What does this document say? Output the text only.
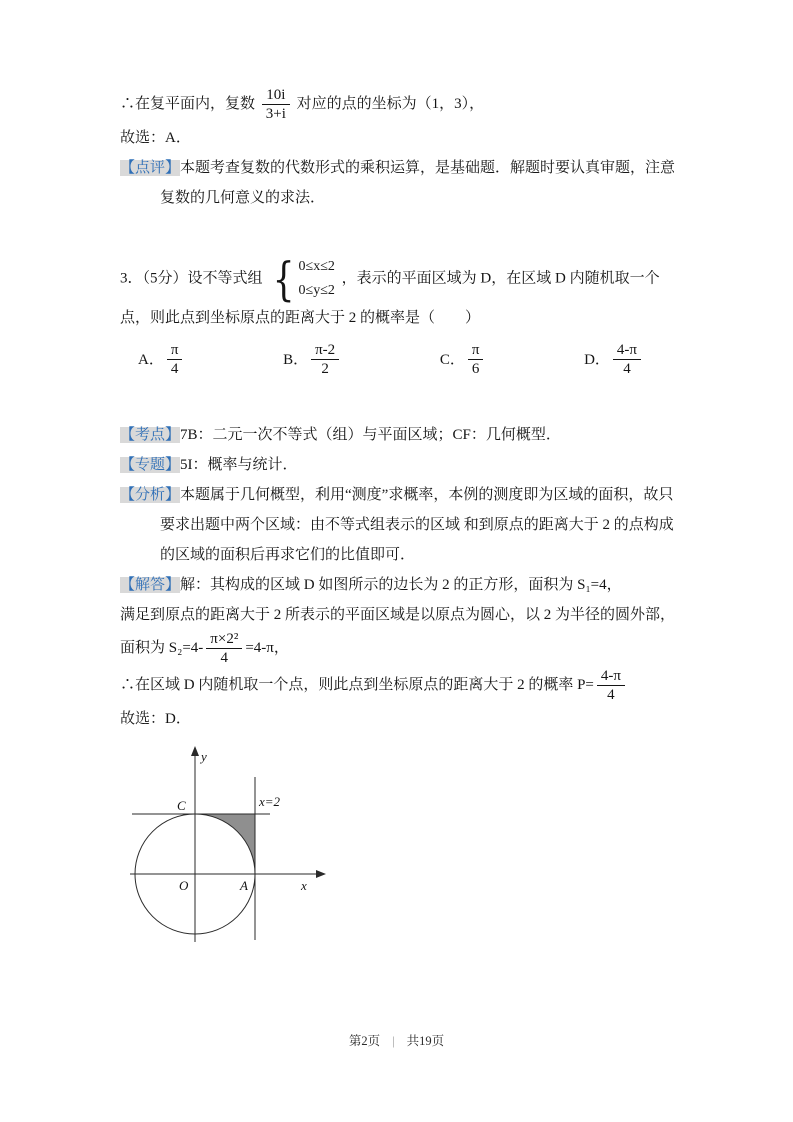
∴在复平面内，复数 $\frac{10i}{3+i}$ 对应的点的坐标为（1，3），

故选：A．

【点评】本题考查复数的代数形式的乘积运算，是基础题．解题时要认真审题，注意复数的几何意义的求法．

3．（5分）设不等式组 { 0≤x≤2
0≤y≤2
，表示的平面区域为 D，在区域 D 内随机取一个点，则此点到坐标原点的距离大于 2 的概率是（　　）

A． $\frac{\pi}{4}$	B． $\frac{\pi-2}{2}$	C． $\frac{\pi}{6}$	D． $\frac{4-\pi}{4}$

【考点】7B：二元一次不等式（组）与平面区域；CF：几何概型．

【专题】5I：概率与统计．

【分析】本题属于几何概型，利用“测度”求概率，本例的测度即为区域的面积，故只要求出题中两个区域：由不等式组表示的区域 和到原点的距离大于 2 的点构成的区域的面积后再求它们的比值即可．

【解答】解：其构成的区域 D 如图所示的边长为 2 的正方形，面积为 S₁=4，

满足到原点的距离大于 2 所表示的平面区域是以原点为圆心，以 2 为半径的圆外部，

面积为 $S_2=4- \frac{\text{π×2²}}{4} =4-\pi$，

∴在区域 D 内随机取一个点，则此点到坐标原点的距离大于 2 的概率 $P= \frac{4-\pi}{4}$

故选：D．

y
C	x=2
O	A	x
第2页 | 共19页
